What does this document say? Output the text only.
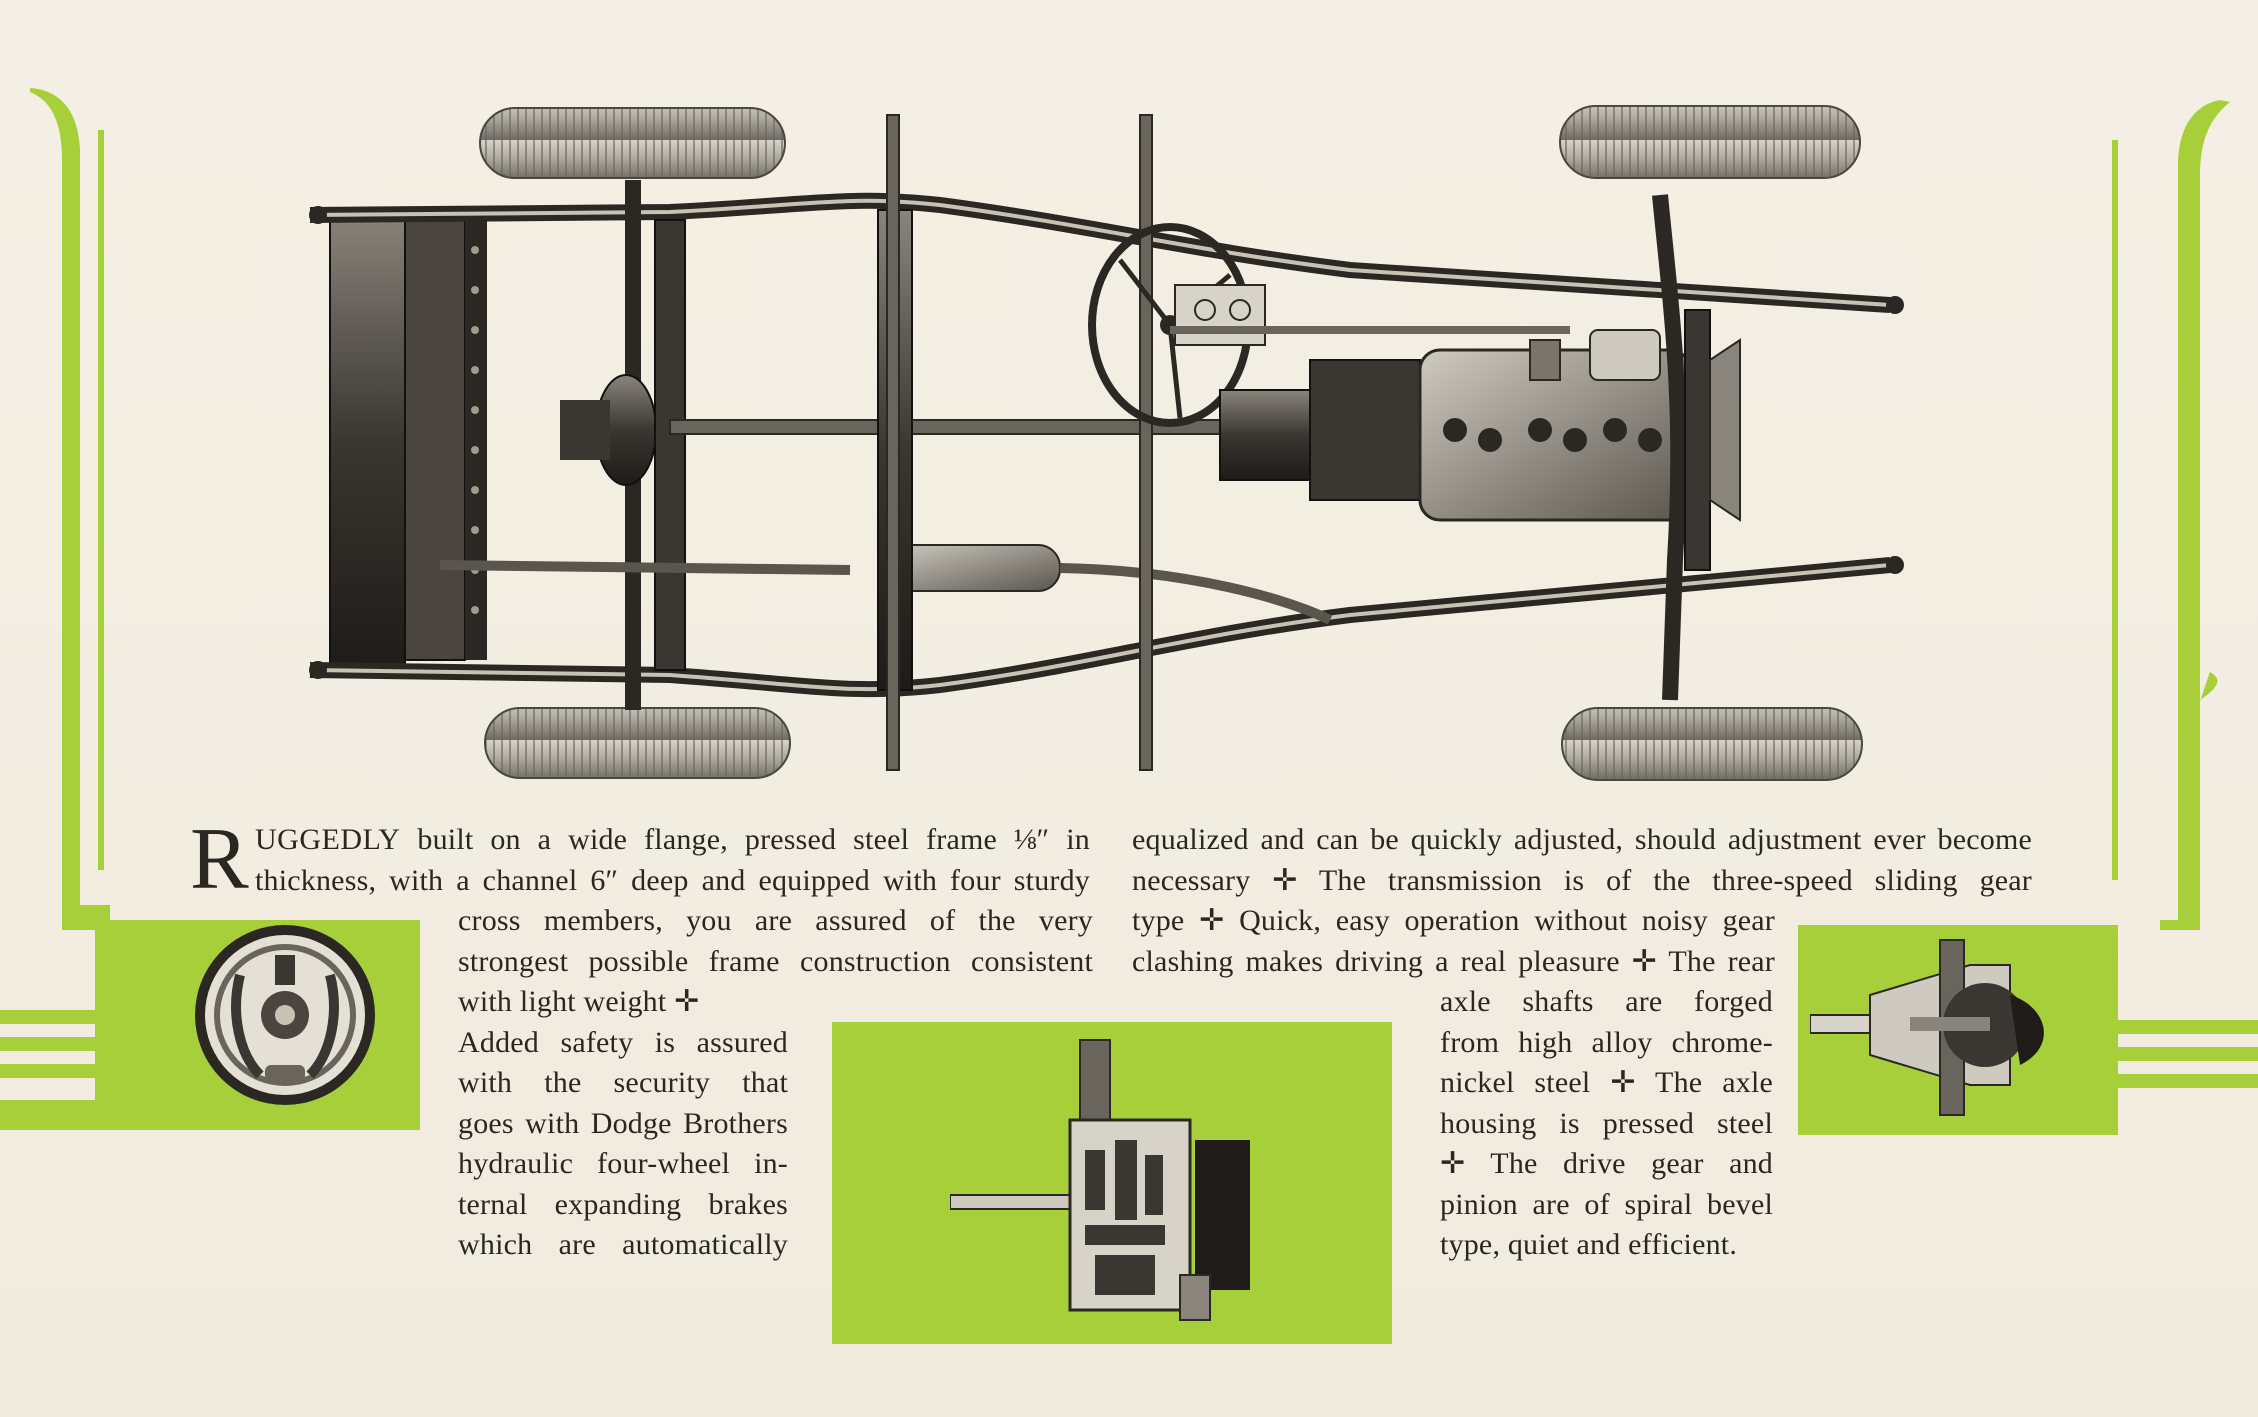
R UGGEDLY built on a wide flange, pressed steel frame ⅛″ in
thickness, with a channel 6″ deep and equipped with four sturdy
cross members, you are assured of the very
strongest possible frame construction consistent
with light weight ✛
Added safety is assured
with the security that
goes with Dodge Brothers
hydraulic four-wheel in-
ternal expanding brakes
which are automatically
equalized and can be quickly adjusted, should adjustment ever become
necessary ✛ The transmission is of the three-speed sliding gear
type ✛ Quick, easy operation without noisy gear
clashing makes driving a real pleasure ✛ The rear
axle shafts are forged
from high alloy chrome-
nickel steel ✛ The axle
housing is pressed steel
✛ The drive gear and
pinion are of spiral bevel
type, quiet and efficient.
